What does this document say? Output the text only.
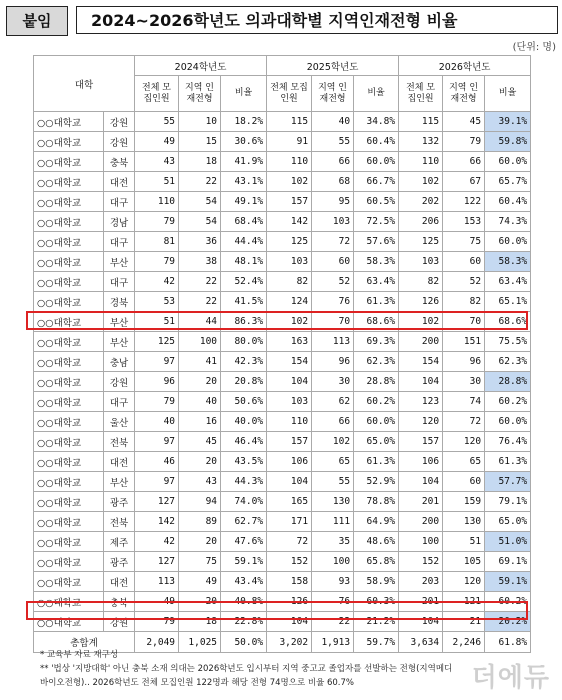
붙임	2024~2026학년도 의과대학별 지역인재전형 비율
(단위: 명)
대학		2024학년도			2025학년도			2026학년도		
		전체 모집인원	지역 인재전형	비율	전체 모집인원	지역 인재전형	비율	전체 모집인원	지역 인재전형	비율
○○대학교	강원	55	10	18.2%	115	40	34.8%	115	45	39.1%
○○대학교	강원	49	15	30.6%	91	55	60.4%	132	79	59.8%
○○대학교	충북	43	18	41.9%	110	66	60.0%	110	66	60.0%
○○대학교	대전	51	22	43.1%	102	68	66.7%	102	67	65.7%
○○대학교	대구	110	54	49.1%	157	95	60.5%	202	122	60.4%
○○대학교	경남	79	54	68.4%	142	103	72.5%	206	153	74.3%
○○대학교	대구	81	36	44.4%	125	72	57.6%	125	75	60.0%
○○대학교	부산	79	38	48.1%	103	60	58.3%	103	60	58.3%
○○대학교	대구	42	22	52.4%	82	52	63.4%	82	52	63.4%
○○대학교	경북	53	22	41.5%	124	76	61.3%	126	82	65.1%
○○대학교	부산	51	44	86.3%	102	70	68.6%	102	70	68.6%
○○대학교	부산	125	100	80.0%	163	113	69.3%	200	151	75.5%
○○대학교	충남	97	41	42.3%	154	96	62.3%	154	96	62.3%
○○대학교	강원	96	20	20.8%	104	30	28.8%	104	30	28.8%
○○대학교	대구	79	40	50.6%	103	62	60.2%	123	74	60.2%
○○대학교	울산	40	16	40.0%	110	66	60.0%	120	72	60.0%
○○대학교	전북	97	45	46.4%	157	102	65.0%	157	120	76.4%
○○대학교	대전	46	20	43.5%	106	65	61.3%	106	65	61.3%
○○대학교	부산	97	43	44.3%	104	55	52.9%	104	60	57.7%
○○대학교	광주	127	94	74.0%	165	130	78.8%	201	159	79.1%
○○대학교	전북	142	89	62.7%	171	111	64.9%	200	130	65.0%
○○대학교	제주	42	20	47.6%	72	35	48.6%	100	51	51.0%
○○대학교	광주	127	75	59.1%	152	100	65.8%	152	105	69.1%
○○대학교	대전	113	49	43.4%	158	93	58.9%	203	120	59.1%
○○대학교	충북	49	20	40.8%	126	76	60.3%	201	121	60.2%
○○대학교	강원	79	18	22.8%	104	22	21.2%	104	21	20.2%
총합계		2,049	1,025	50.0%	3,202	1,913	59.7%	3,634	2,246	61.8%
* 교육부 자료 재구성
** '법상 '지방대학' 아닌 충북 소재 의대는 2026학년도 입시부터 지역 중고교 졸업자를 선발하는 전형(지역메디
바이오전형).. 2026학년도 전체 모집인원 122명과 해당 전형 74명으로 비율 60.7%	더에듀
